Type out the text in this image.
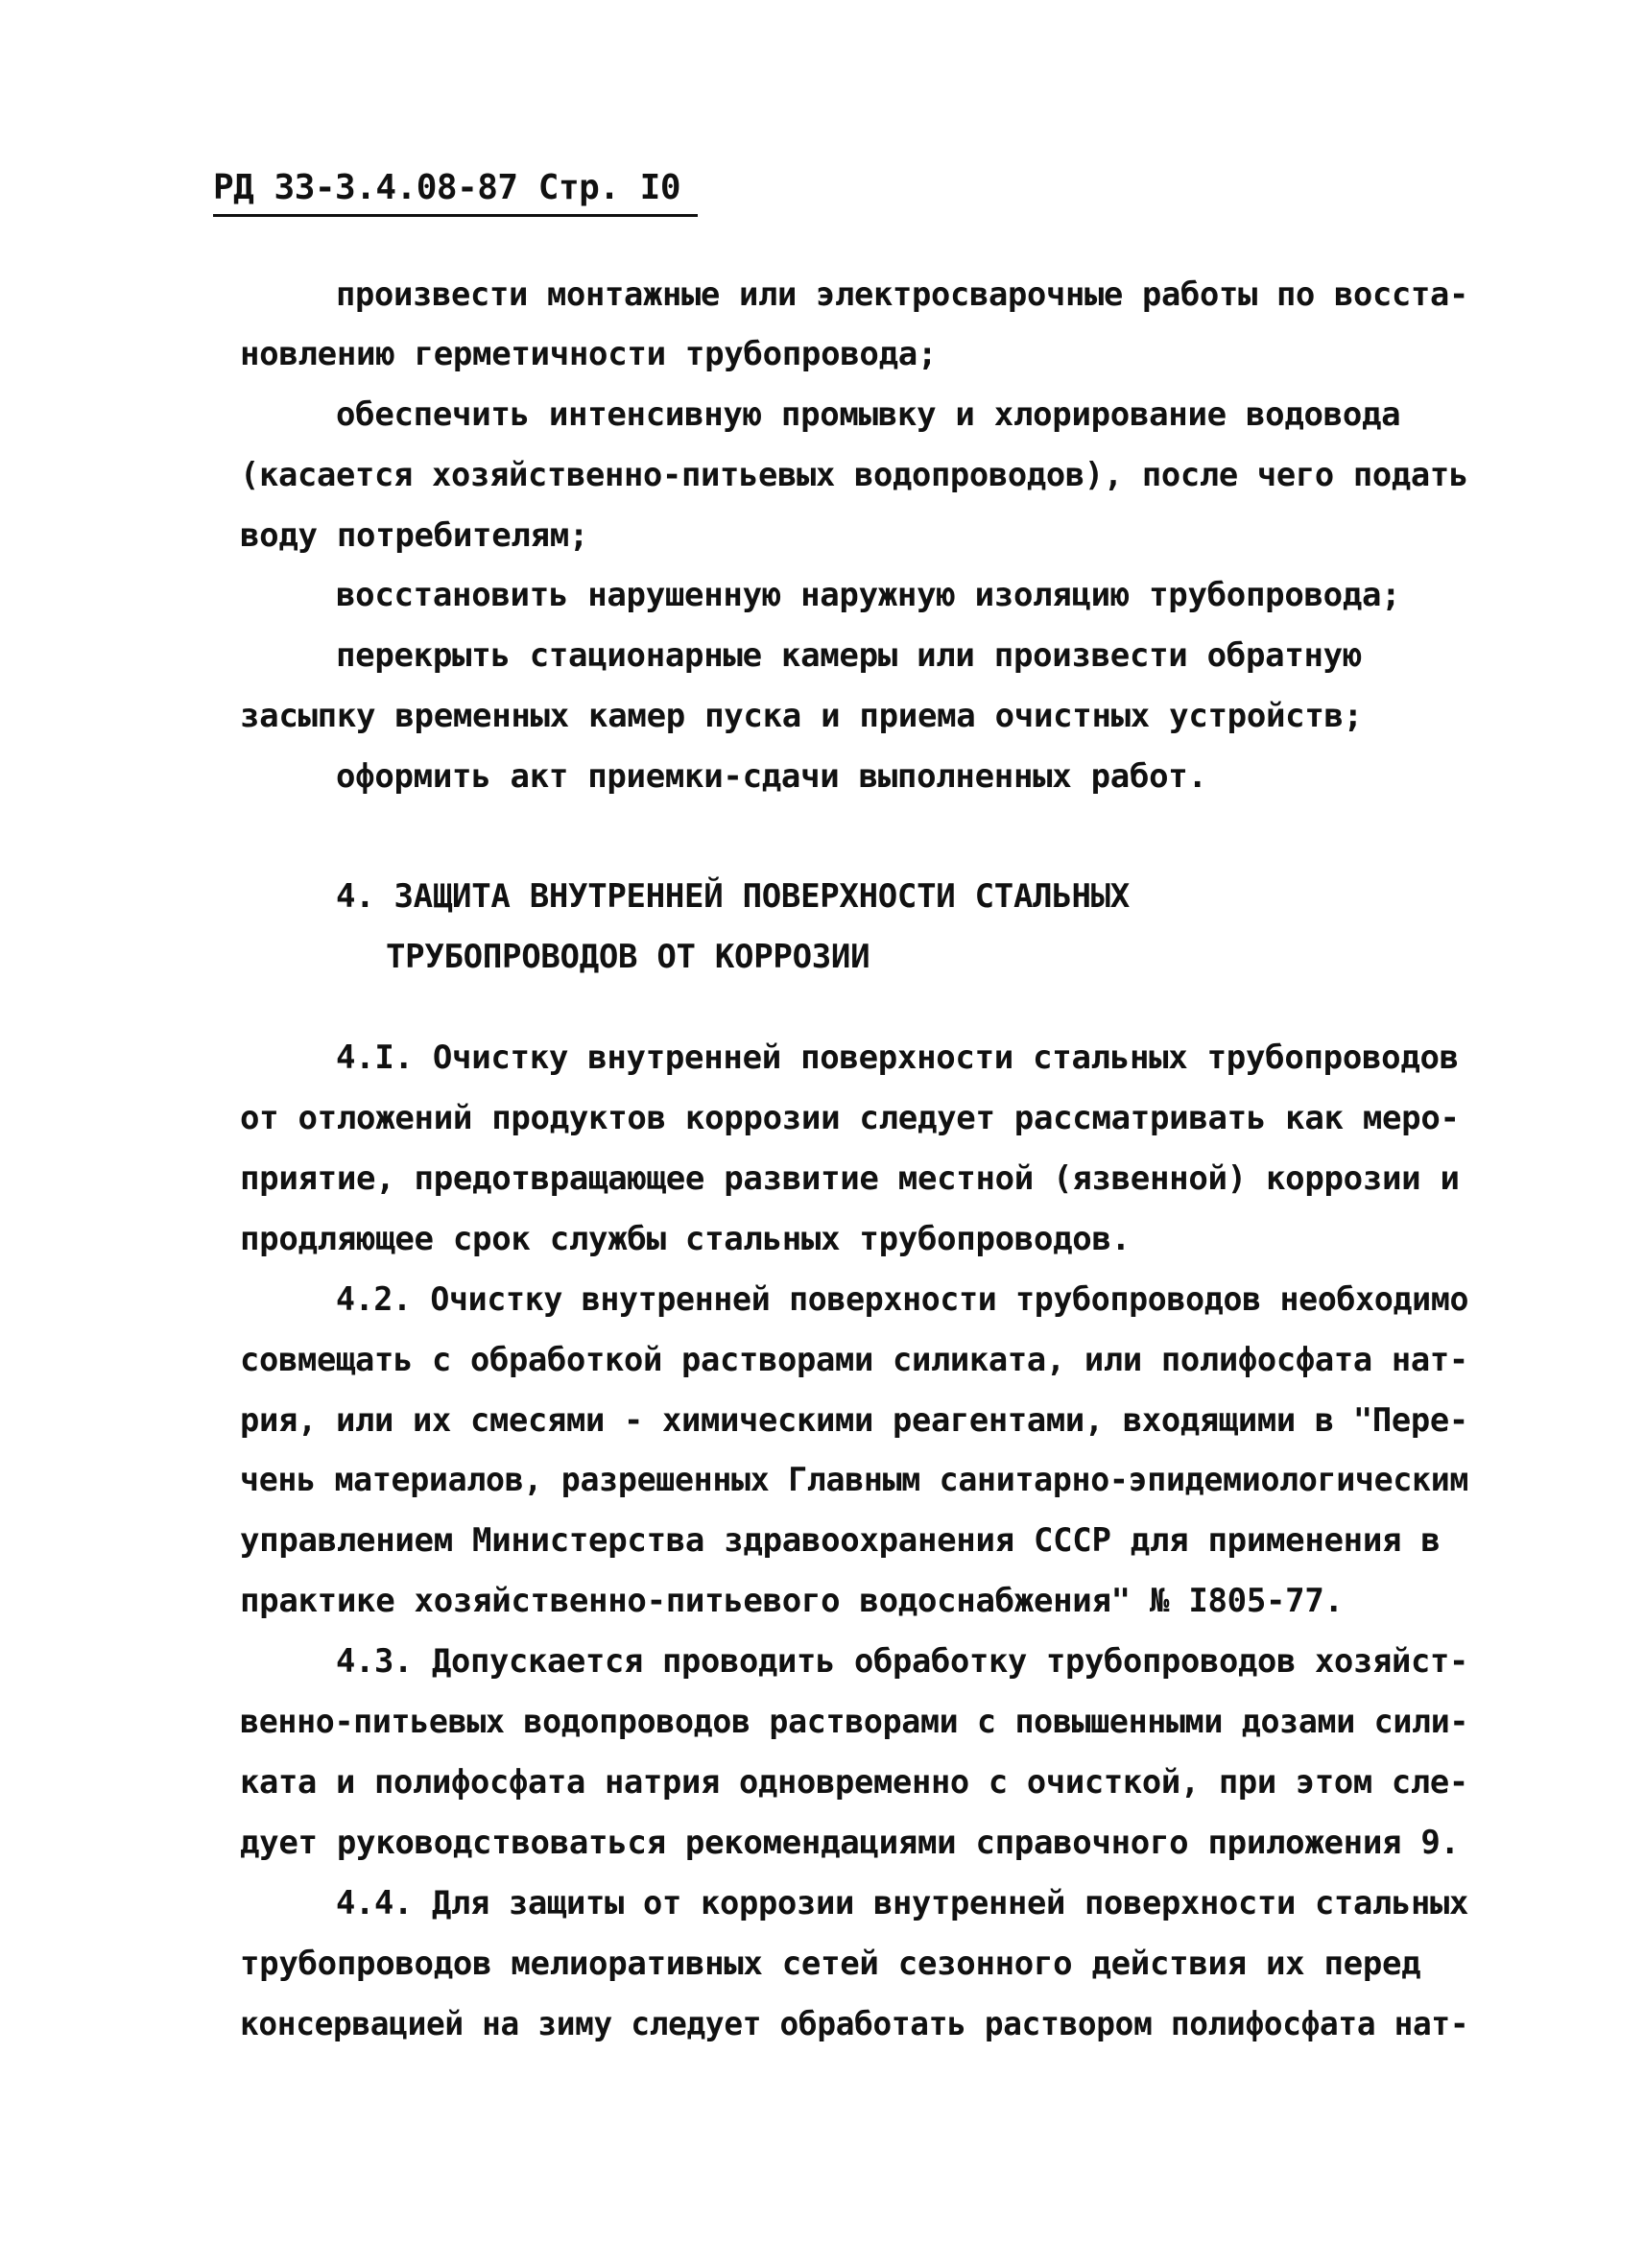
РД 33-3.4.08-87 Стр. I0
произвести монтажные или электросварочные работы по восста-
новлению герметичности трубопровода;
обеспечить интенсивную промывку и хлорирование водовода
(касается хозяйственно-питьевых водопроводов), после чего подать
воду потребителям;
восстановить нарушенную наружную изоляцию трубопровода;
перекрыть стационарные камеры или произвести обратную
засыпку временных камер пуска и приема очистных устройств;
оформить акт приемки-сдачи выполненных работ.
4. ЗАЩИТА ВНУТРЕННЕЙ ПОВЕРХНОСТИ СТАЛЬНЫХ
ТРУБОПРОВОДОВ ОТ КОРРОЗИИ
4.I. Очистку внутренней поверхности стальных трубопроводов
от отложений продуктов коррозии следует рассматривать как меро-
приятие, предотвращающее развитие местной (язвенной) коррозии и
продляющее срок службы стальных трубопроводов.
4.2. Очистку внутренней поверхности трубопроводов необходимо
совмещать с обработкой растворами силиката, или полифосфата нат-
рия, или их смесями - химическими реагентами, входящими в "Пере-
чень материалов, разрешенных Главным санитарно-эпидемиологическим
управлением Министерства здравоохранения СССР для применения в
практике хозяйственно-питьевого водоснабжения" № I805-77.
4.3. Допускается проводить обработку трубопроводов хозяйст-
венно-питьевых водопроводов растворами с повышенными дозами сили-
ката и полифосфата натрия одновременно с очисткой, при этом сле-
дует руководствоваться рекомендациями справочного приложения 9.
4.4. Для защиты от коррозии внутренней поверхности стальных
трубопроводов мелиоративных сетей сезонного действия их перед
консервацией на зиму следует обработать раствором полифосфата нат-
